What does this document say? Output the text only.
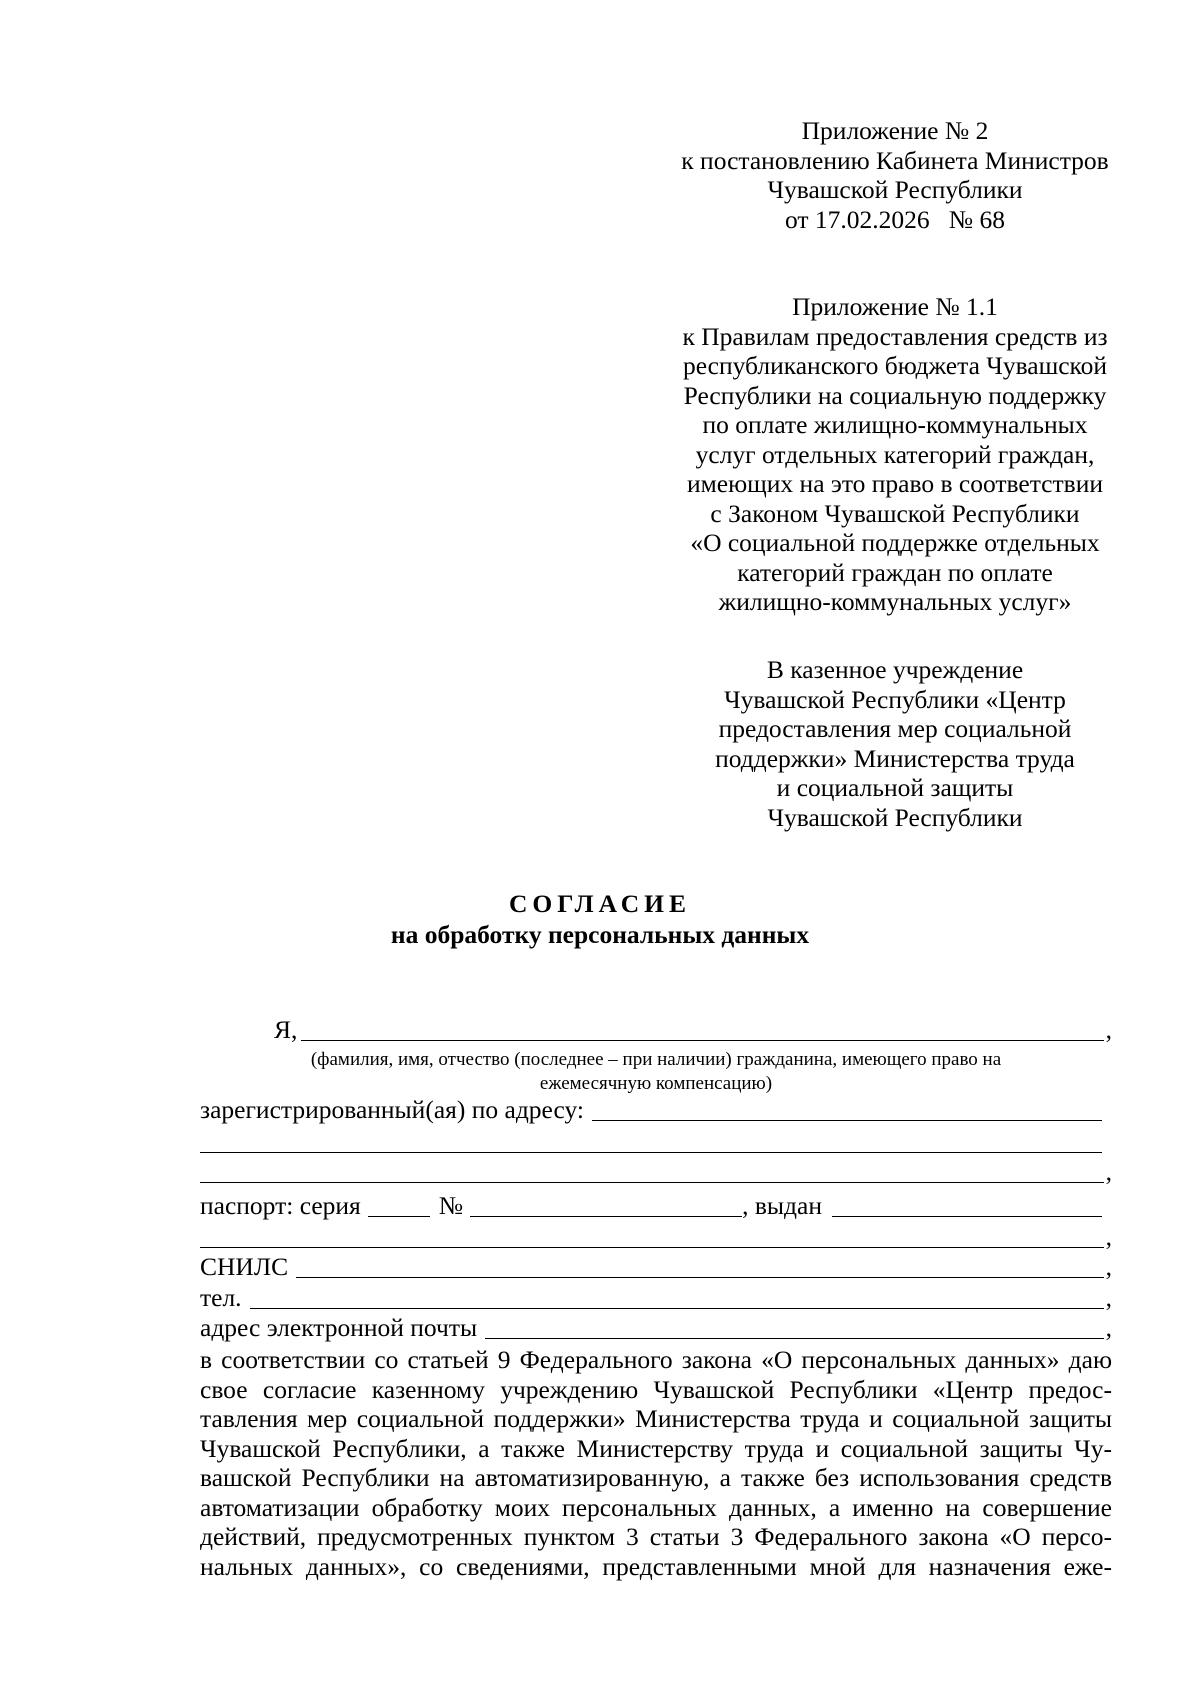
Приложение № 2
к постановлению Кабинета Министров
Чувашской Республики
от 17.02.2026   № 68
Приложение № 1.1
к Правилам предоставления средств из
республиканского бюджета Чувашской
Республики на социальную поддержку
по оплате жилищно-коммунальных
услуг отдельных категорий граждан,
имеющих на это право в соответствии
с Законом Чувашской Республики
«О социальной поддержке отдельных
категорий граждан по оплате
жилищно-коммунальных услуг»
В казенное учреждение
Чувашской Республики «Центр
предоставления мер социальной
поддержки» Министерства труда
и социальной защиты
Чувашской Республики
СОГЛАСИЕ
на обработку персональных данных
Я,	,
(фамилия, имя, отчество (последнее – при наличии) гражданина, имеющего право на
ежемесячную компенсацию)
зарегистрированный(ая) по адресу:
,
паспорт: серия	№	, выдан
,
СНИЛС	,
тел.	,
адрес электронной почты	,
в соответствии со статьей 9 Федерального закона «О персональных данных» даю
свое согласие казенному учреждению Чувашской Республики «Центр предос-
тавления мер социальной поддержки» Министерства труда и социальной защиты
Чувашской Республики, а также Министерству труда и социальной защиты Чу-
вашской Республики на автоматизированную, а также без использования средств
автоматизации обработку моих персональных данных, а именно на совершение
действий, предусмотренных пунктом 3 статьи 3 Федерального закона «О персо-
нальных данных», со сведениями, представленными мной для назначения еже-
